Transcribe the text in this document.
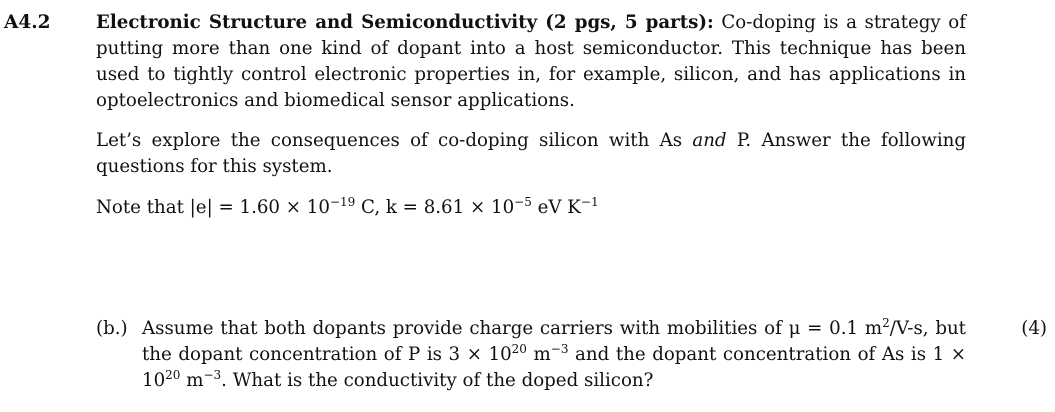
A4.2 Electronic Structure and Semiconductivity (2 pgs, 5 parts): Co-doping is a strategy of putting more than one kind of dopant into a host semiconductor. This technique has been used to tightly control electronic properties in, for example, silicon, and has applications in optoelectronics and biomedical sensor applications.
Let’s explore the consequences of co-doping silicon with As and P. Answer the following questions for this system.
Note that $|e| = 1.60 \times 10^{-19}$ C, $k = 8.61 \times 10^{-5}$ eV $K^{-1}$
(b.) Assume that both dopants provide charge carriers with mobilities of μ = 0.1 $m^2/V-s$, but the dopant concentration of P is $3 \times 10^{20}$ $m^{-3}$ and the dopant concentration of As is $1 \times 10^{20}$ $m^{-3}$. What is the conductivity of the doped silicon?
(4)
